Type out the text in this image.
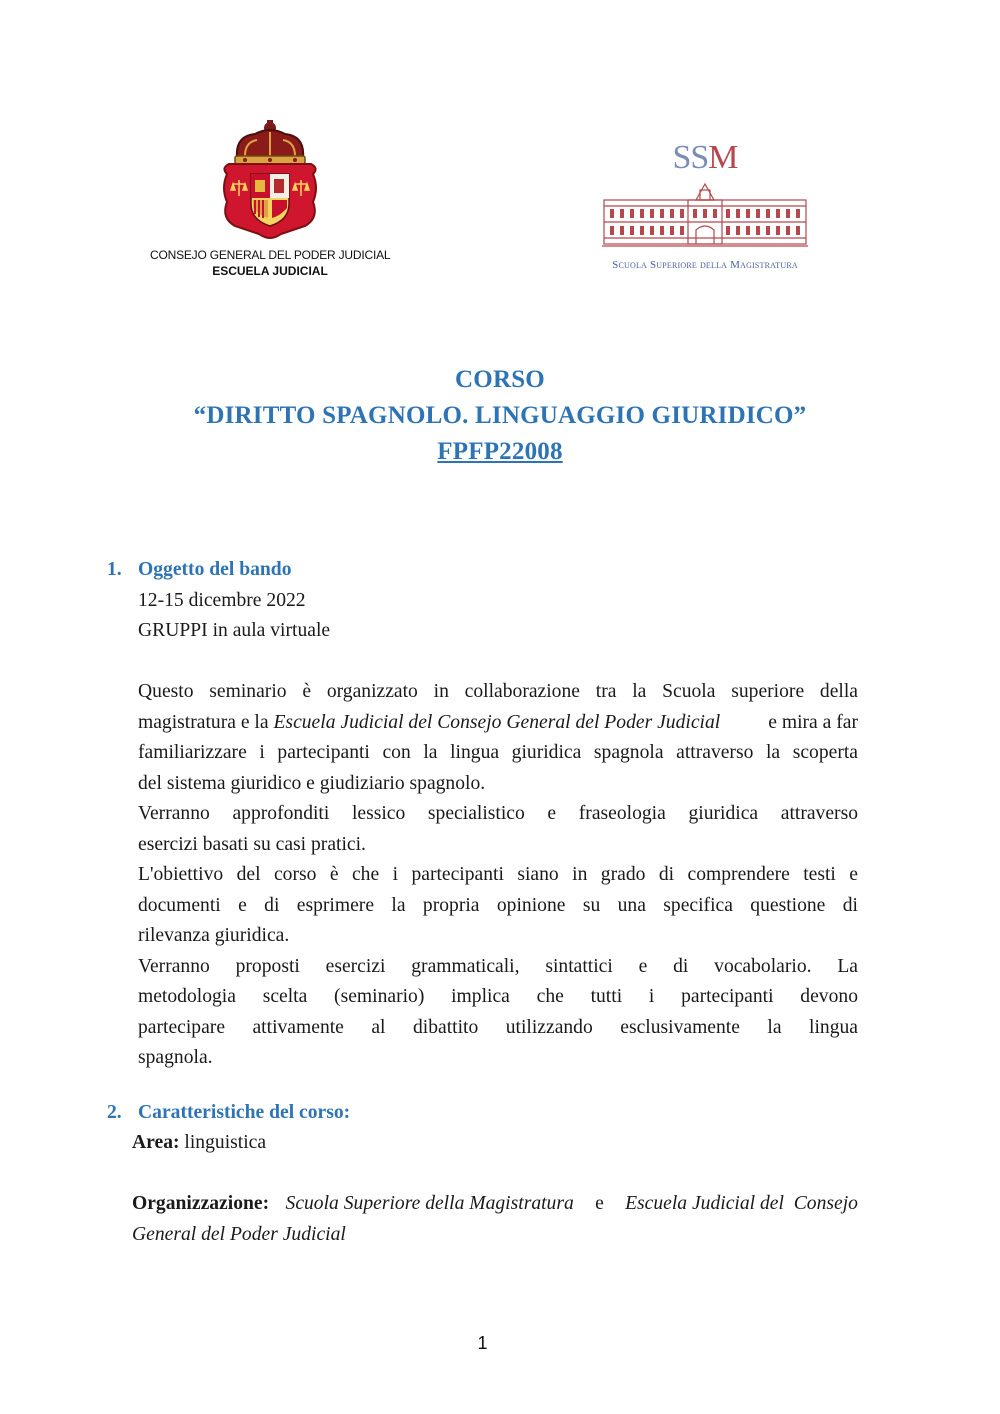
CONSEJO GENERAL DEL PODER JUDICIAL
ESCUELA JUDICIAL
SSM
Scuola Superiore della Magistratura
CORSO
“DIRITTO SPAGNOLO. LINGUAGGIO GIURIDICO”
FPFP22008
1. Oggetto del bando
12-15 dicembre 2022
GRUPPI in aula virtuale
Questo seminario è organizzato in collaborazione tra la Scuola superiore della
magistratura e la Escuela Judicial del Consejo General del Poder Judicial	e mira a far
familiarizzare i partecipanti con la lingua giuridica spagnola attraverso la scoperta
del sistema giuridico e giudiziario spagnolo.
Verranno approfonditi lessico specialistico e fraseologia giuridica attraverso
esercizi basati su casi pratici.
L'obiettivo del corso è che i partecipanti siano in grado di comprendere testi e
documenti e di esprimere la propria opinione su una specifica questione di
rilevanza giuridica.
Verranno proposti esercizi grammaticali, sintattici e di vocabolario. La
metodologia scelta (seminario) implica che tutti i partecipanti devono
partecipare attivamente al dibattito utilizzando esclusivamente la lingua
spagnola.
2. Caratteristiche del corso:
Area: linguistica
Organizzazione: Scuola Superiore della Magistratura e Escuela Judicial del  Consejo
General del Poder Judicial
1
